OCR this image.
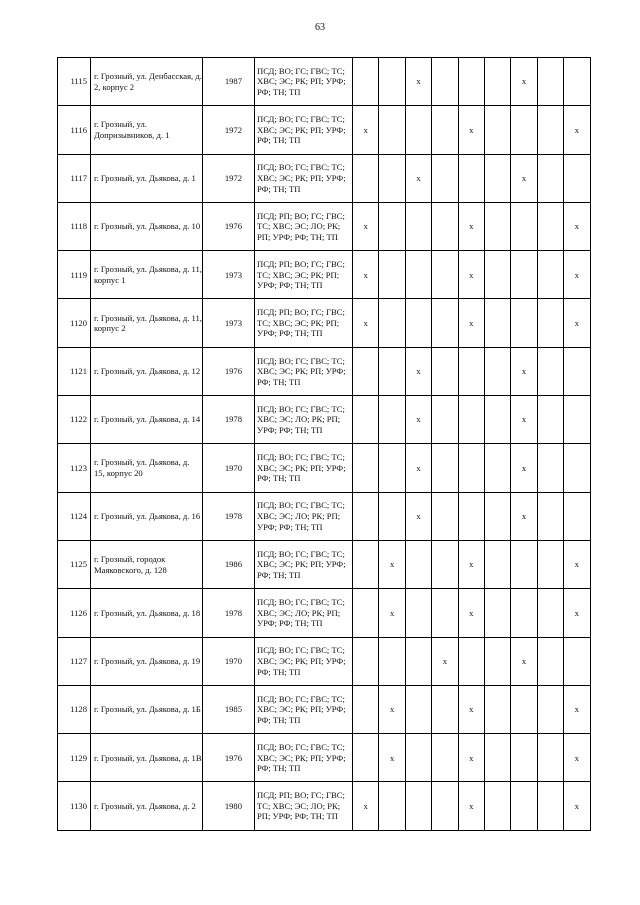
63
1115	г. Грозный, ул. Денбасская, д. 2, корпус 2	1987	ПСД; ВО; ГС; ГВС; ТС; ХВС; ЭС; РК; РП; УРФ; РФ; ТН; ТП			х				х		
1116	г. Грозный, ул. Допризывников, д. 1	1972	ПСД; ВО; ГС; ГВС; ТС; ХВС; ЭС; РК; РП; УРФ; РФ; ТН; ТП	х				х				х
1117	г. Грозный, ул. Дьякова, д. 1	1972	ПСД; ВО; ГС; ГВС; ТС; ХВС; ЭС; РК; РП; УРФ; РФ; ТН; ТП			х				х		
1118	г. Грозный, ул. Дьякова, д. 10	1976	ПСД; РП; ВО; ГС; ГВС; ТС; ХВС; ЭС; ЛО; РК; РП; УРФ; РФ; ТН; ТП	х				х				х
1119	г. Грозный, ул. Дьякова, д. 11, корпус 1	1973	ПСД; РП; ВО; ГС; ГВС; ТС; ХВС; ЭС; РК; РП; УРФ; РФ; ТН; ТП	х				х				х
1120	г. Грозный, ул. Дьякова, д. 11, корпус 2	1973	ПСД; РП; ВО; ГС; ГВС; ТС; ХВС; ЭС; РК; РП; УРФ; РФ; ТН; ТП	х				х				х
1121	г. Грозный, ул. Дьякова, д. 12	1976	ПСД; ВО; ГС; ГВС; ТС; ХВС; ЭС; РК; РП; УРФ; РФ; ТН; ТП			х				х		
1122	г. Грозный, ул. Дьякова, д. 14	1978	ПСД; ВО; ГС; ГВС; ТС; ХВС; ЭС; ЛО; РК; РП; УРФ; РФ; ТН; ТП			х				х		
1123	г. Грозный, ул. Дьякова, д. 15, корпус 20	1970	ПСД; ВО; ГС; ГВС; ТС; ХВС; ЭС; РК; РП; УРФ; РФ; ТН; ТП			х				х		
1124	г. Грозный, ул. Дьякова, д. 16	1978	ПСД; ВО; ГС; ГВС; ТС; ХВС; ЭС; ЛО; РК; РП; УРФ; РФ; ТН; ТП			х				х		
1125	г. Грозный, городок Маяковского, д. 128	1986	ПСД; ВО; ГС; ГВС; ТС; ХВС; ЭС; РК; РП; УРФ; РФ; ТН; ТП		х			х				х
1126	г. Грозный, ул. Дьякова, д. 18	1978	ПСД; ВО; ГС; ГВС; ТС; ХВС; ЭС; ЛО; РК; РП; УРФ; РФ; ТН; ТП		х			х				х
1127	г. Грозный, ул. Дьякова, д. 19	1970	ПСД; ВО; ГС; ГВС; ТС; ХВС; ЭС; РК; РП; УРФ; РФ; ТН; ТП				х			х		
1128	г. Грозный, ул. Дьякова, д. 1Б	1985	ПСД; ВО; ГС; ГВС; ТС; ХВС; ЭС; РК; РП; УРФ; РФ; ТН; ТП		х			х				х
1129	г. Грозный, ул. Дьякова, д. 1В	1976	ПСД; ВО; ГС; ГВС; ТС; ХВС; ЭС; РК; РП; УРФ; РФ; ТН; ТП		х			х				х
1130	г. Грозный, ул. Дьякова, д. 2	1980	ПСД; РП; ВО; ГС; ГВС; ТС; ХВС; ЭС; ЛО; РК; РП; УРФ; РФ; ТН; ТП	х				х				х
